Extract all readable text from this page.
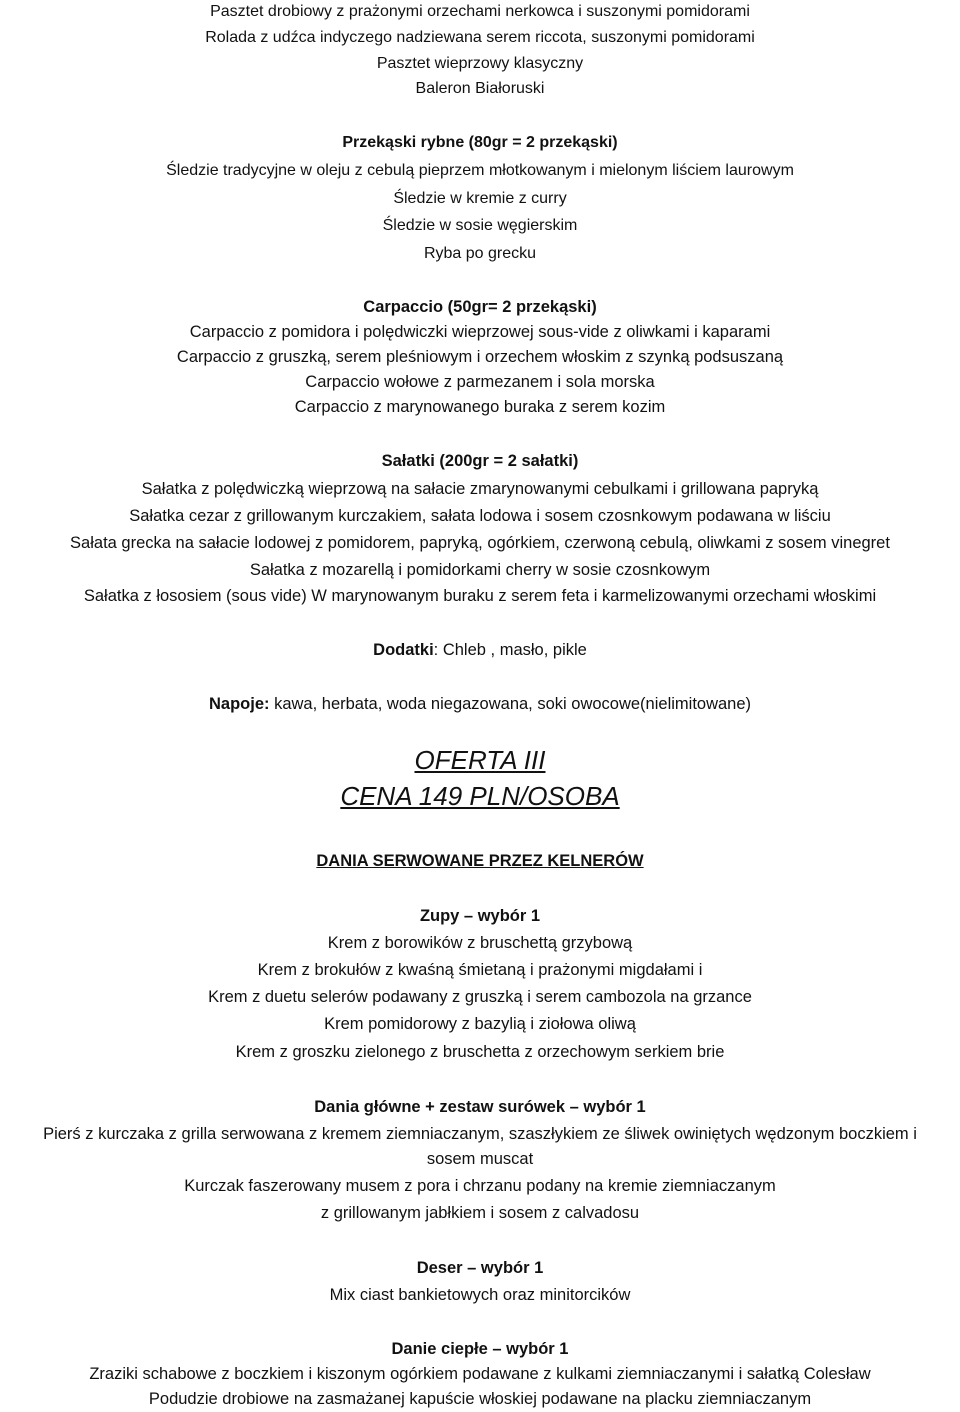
Pasztet drobiowy z prażonymi orzechami nerkowca i suszonymi pomidorami
Rolada z udźca indyczego nadziewana serem riccota, suszonymi pomidorami
Pasztet wieprzowy klasyczny
Baleron Białoruski
Przekąski rybne (80gr = 2 przekąski)
Śledzie tradycyjne w oleju z cebulą pieprzem młotkowanym i mielonym liściem laurowym
Śledzie w kremie z curry
Śledzie w sosie węgierskim
Ryba po grecku
Carpaccio (50gr= 2 przekąski)
Carpaccio z pomidora i polędwiczki wieprzowej sous-vide z oliwkami i kaparami
Carpaccio z gruszką, serem pleśniowym i orzechem włoskim z szynką podsuszaną
Carpaccio wołowe z parmezanem i sola morska
Carpaccio z marynowanego buraka z serem kozim
Sałatki (200gr = 2 sałatki)
Sałatka z polędwiczką wieprzową na sałacie zmarynowanymi cebulkami i grillowana papryką
Sałatka cezar z grillowanym kurczakiem, sałata lodowa i sosem czosnkowym podawana w liściu
Sałata grecka na sałacie lodowej z pomidorem, papryką, ogórkiem, czerwoną cebulą, oliwkami z sosem vinegret
Sałatka z mozarellą i pomidorkami cherry w sosie czosnkowym
Sałatka z łososiem (sous vide) W marynowanym buraku z serem feta i karmelizowanymi orzechami włoskimi
Dodatki: Chleb , masło, pikle
Napoje: kawa, herbata, woda niegazowana, soki owocowe(nielimitowane)
OFERTA III
CENA 149 PLN/OSOBA
DANIA SERWOWANE PRZEZ KELNERÓW
Zupy – wybór 1
Krem z borowików z bruschettą grzybową
Krem z brokułów z kwaśną śmietaną i prażonymi migdałami i
Krem z duetu selerów podawany z gruszką i serem cambozola na grzance
Krem pomidorowy z bazylią i ziołowa oliwą
Krem z groszku zielonego z bruschetta z orzechowym serkiem brie
Dania główne + zestaw surówek – wybór 1
Pierś z kurczaka z grilla serwowana z kremem ziemniaczanym, szaszłykiem ze śliwek owiniętych wędzonym boczkiem i
sosem muscat
Kurczak faszerowany musem z pora i chrzanu podany na kremie ziemniaczanym
z grillowanym jabłkiem i sosem z calvadosu
Deser – wybór 1
Mix ciast bankietowych oraz minitorcików
Danie ciepłe – wybór 1
Zraziki schabowe z boczkiem i kiszonym ogórkiem podawane z kulkami ziemniaczanymi i sałatką Colesław
Podudzie drobiowe na zasmażanej kapuście włoskiej podawane na placku ziemniaczanym
